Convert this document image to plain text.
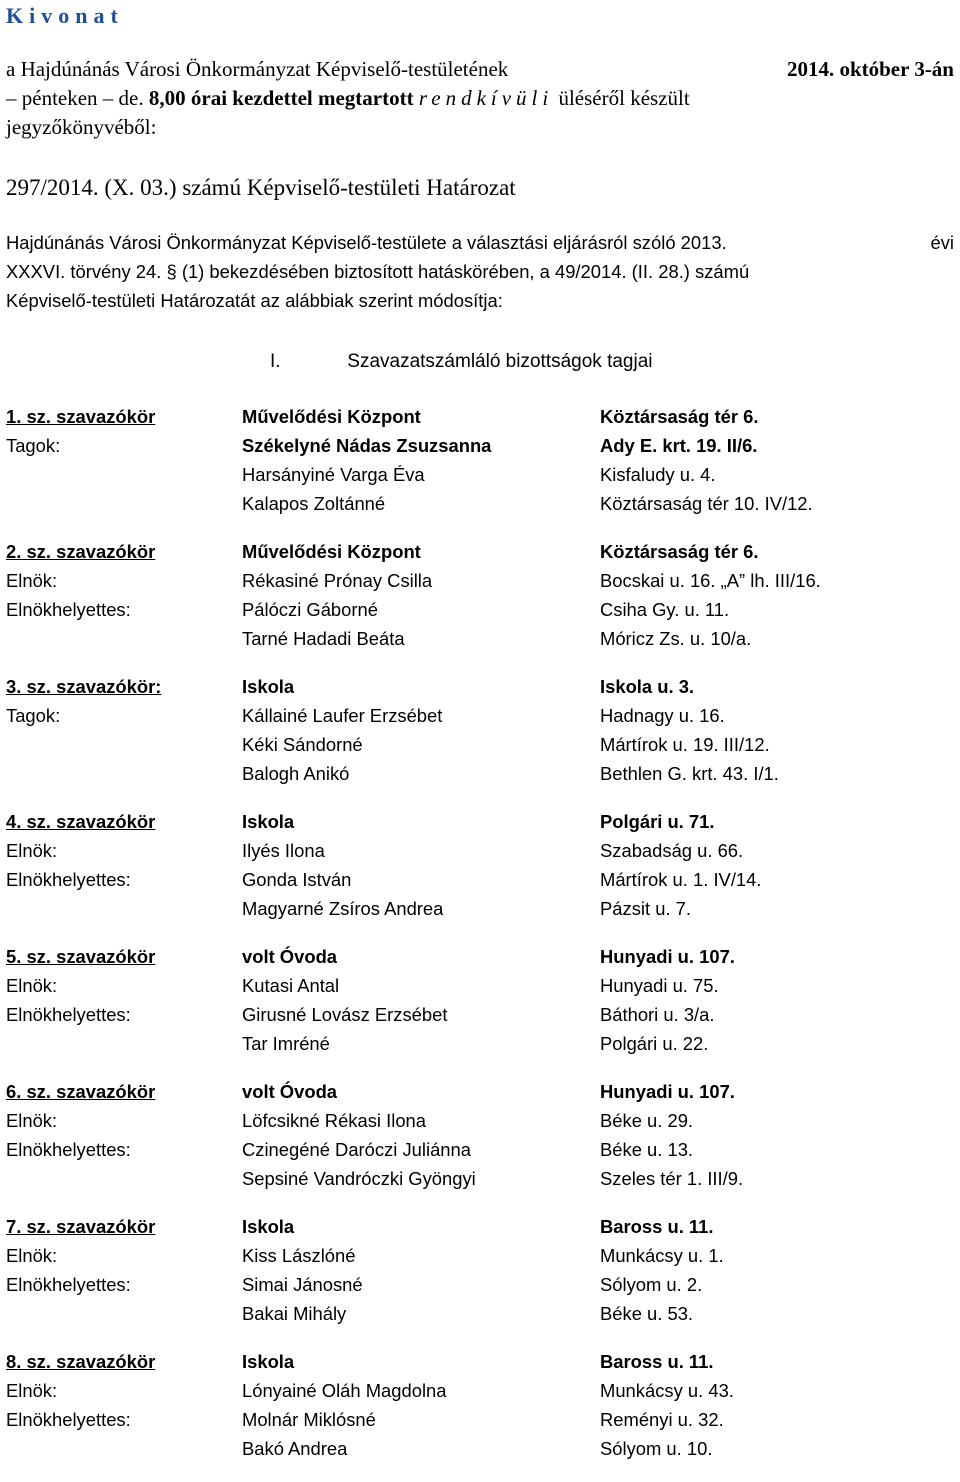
Kivonat
a Hajdúnánás Városi Önkormányzat Képviselő-testületének	2014. október 3-án
– pénteken – de. 8,00 órai kezdettel megtartott rendkívüli üléséről készült
jegyzőkönyvéből:
297/2014. (X. 03.) számú Képviselő-testületi Határozat
Hajdúnánás Városi Önkormányzat Képviselő-testülete a választási eljárásról szóló 2013.	évi
XXXVI. törvény 24. § (1) bekezdésében biztosított hatáskörében, a 49/2014. (II. 28.) számú
Képviselő-testületi Határozatát az alábbiak szerint módosítja:
I.	Szavazatszámláló bizottságok tagjai
1. sz. szavazókör	Művelődési Központ	Köztársaság tér 6.
Tagok:	Székelyné Nádas Zsuzsanna	Ady E. krt. 19. II/6.
Harsányiné Varga Éva	Kisfaludy u. 4.
Kalapos Zoltánné	Köztársaság tér 10. IV/12.
2. sz. szavazókör	Művelődési Központ	Köztársaság tér 6.
Elnök:	Rékasiné Prónay Csilla	Bocskai u. 16. „A” lh. III/16.
Elnökhelyettes:	Pálóczi Gáborné	Csiha Gy. u. 11.
Tarné Hadadi Beáta	Móricz Zs. u. 10/a.
3. sz. szavazókör:	Iskola	Iskola u. 3.
Tagok:	Kállainé Laufer Erzsébet	Hadnagy u. 16.
Kéki Sándorné	Mártírok u. 19. III/12.
Balogh Anikó	Bethlen G. krt. 43. I/1.
4. sz. szavazókör	Iskola	Polgári u. 71.
Elnök:	Ilyés Ilona	Szabadság u. 66.
Elnökhelyettes:	Gonda István	Mártírok u. 1. IV/14.
Magyarné Zsíros Andrea	Pázsit u. 7.
5. sz. szavazókör	volt Óvoda	Hunyadi u. 107.
Elnök:	Kutasi Antal	Hunyadi u. 75.
Elnökhelyettes:	Girusné Lovász Erzsébet	Báthori u. 3/a.
Tar Imréné	Polgári u. 22.
6. sz. szavazókör	volt Óvoda	Hunyadi u. 107.
Elnök:	Löfcsikné Rékasi Ilona	Béke u. 29.
Elnökhelyettes:	Czinegéné Daróczi Juliánna	Béke u. 13.
Sepsiné Vandróczki Gyöngyi	Szeles tér 1. III/9.
7. sz. szavazókör	Iskola	Baross u. 11.
Elnök:	Kiss Lászlóné	Munkácsy u. 1.
Elnökhelyettes:	Simai Jánosné	Sólyom u. 2.
Bakai Mihály	Béke u. 53.
8. sz. szavazókör	Iskola	Baross u. 11.
Elnök:	Lónyainé Oláh Magdolna	Munkácsy u. 43.
Elnökhelyettes:	Molnár Miklósné	Reményi u. 32.
Bakó Andrea	Sólyom u. 10.
